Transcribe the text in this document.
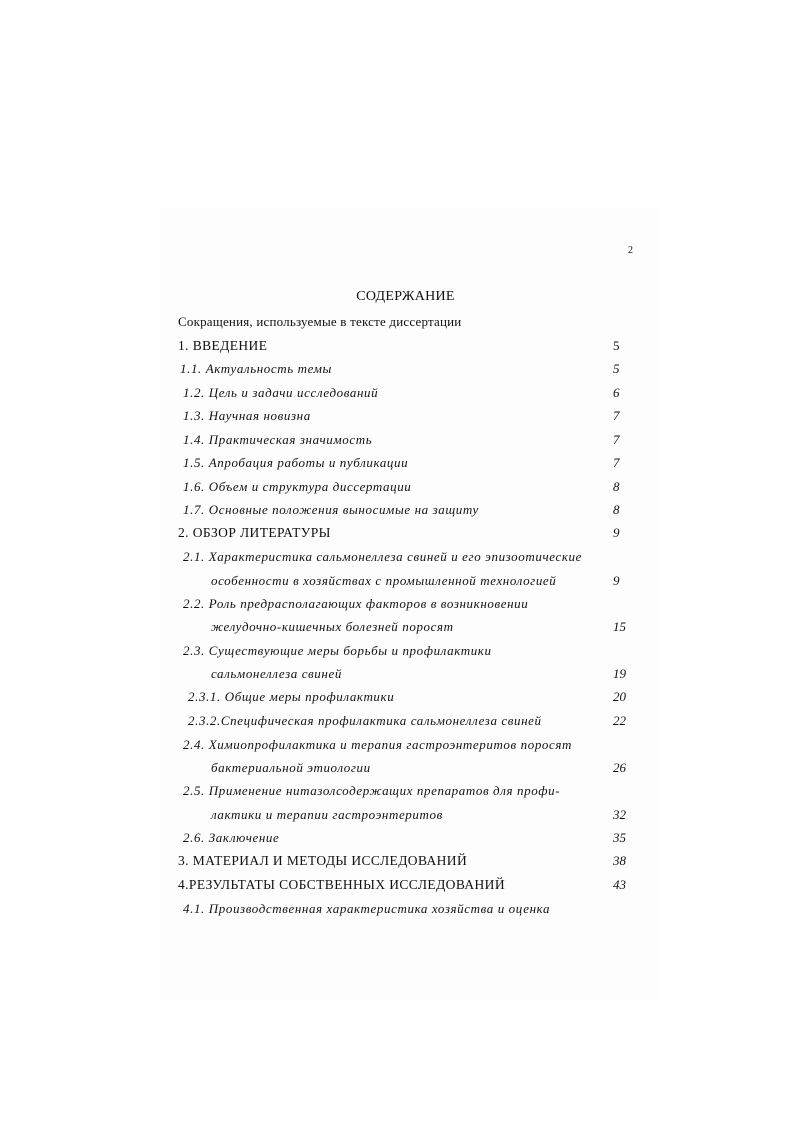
2
СОДЕРЖАНИЕ
Сокращения, используемые в тексте диссертации
1. ВВЕДЕНИЕ	5
1.1. Актуальность темы	5
1.2. Цель и задачи исследований	6
1.3. Научная новизна	7
1.4. Практическая значимость	7
1.5. Апробация работы и публикации	7
1.6. Объем и структура диссертации	8
1.7. Основные положения выносимые на защиту	8
2. ОБЗОР ЛИТЕРАТУРЫ	9
2.1. Характеристика сальмонеллеза свиней и его эпизоотические
особенности в хозяйствах с промышленной технологией	9
2.2. Роль предрасполагающих факторов в возникновении
желудочно-кишечных болезней поросят	15
2.3. Существующие меры борьбы и профилактики
сальмонеллеза свиней	19
2.3.1. Общие меры профилактики	20
2.3.2.Специфическая профилактика сальмонеллеза свиней	22
2.4. Химиопрофилактика и терапия гастроэнтеритов поросят
бактериальной этиологии	26
2.5. Применение нитазолсодержащих препаратов для профи-
лактики и терапии гастроэнтеритов	32
2.6. Заключение	35
3. МАТЕРИАЛ И МЕТОДЫ ИССЛЕДОВАНИЙ	38
4.РЕЗУЛЬТАТЫ СОБСТВЕННЫХ ИССЛЕДОВАНИЙ	43
4.1. Производственная характеристика хозяйства и оценка
